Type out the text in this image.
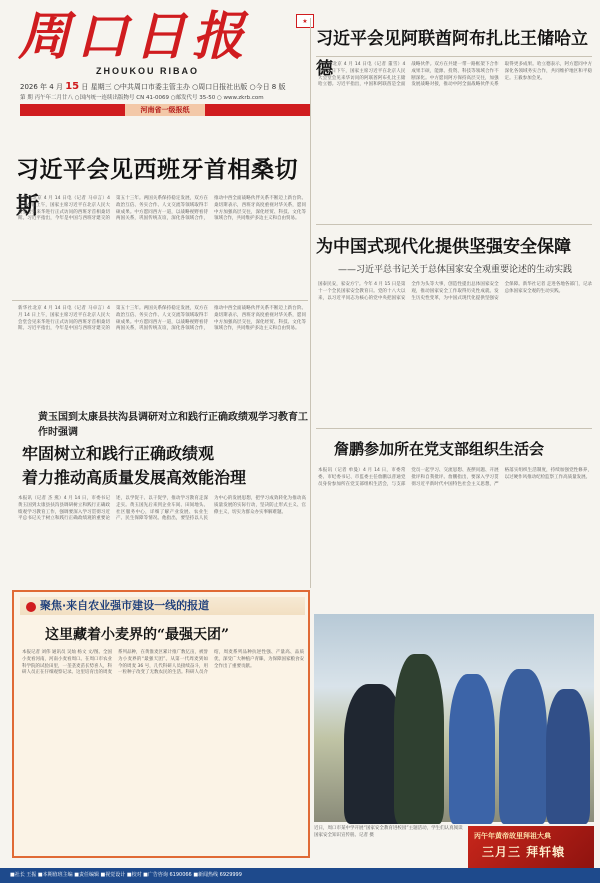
周口日报
ZHOUKOU RIBAO
2026 年 4 月 15 日 星期三 ○中共周口市委主管主办 ○周口日报社出版 ○今日 8 版
第 期 丙午年二月廿八 ○国内统一连续出版物号 CN 41-0069 ○邮发代号 35-50 ○ www.zkrb.com
河南省一级报纸
习近平会见西班牙首相桑切斯
新华社北京 4 月 14 日电（记者 马卓言）4 月 14 日上午，国家主席习近平在北京人民大会堂会见来华进行正式访问的西班牙首相桑切斯。习近平指出，今年是中国与西班牙建交的第五十三年。两国关系保持稳定发展，双方在政治互信、务实合作、人文交流等领域取得丰硕成果。中方愿同西方一道，以战略视野看待两国关系，巩固传统友谊，深化各领域合作，推动中西全面战略伙伴关系不断迈上新台阶。桑切斯表示，西班牙高度重视对华关系，愿同中方加强高层交往，深化经贸、科技、文化等领域合作，共同维护多边主义和自由贸易。
★
习近平会见阿联酋阿布扎比王储哈立德
新华社北京 4 月 14 日电（记者 董雪）4 月 14 日下午，国家主席习近平在北京人民大会堂会见来华访问的阿联酋阿布扎比王储哈立德。习近平指出，中国和阿联酋是全面战略伙伴。双方在共建一带一路框架下合作成果丰硕，能源、投资、科技等领域合作不断深化。中方愿同阿方保持高层交往，加强发展战略对接，推动中阿全面战略伙伴关系取得更多成果。哈立德表示，阿方愿同中方深化各领域务实合作，共同维护地区和平稳定。王毅参加会见。
为中国式现代化提供坚强安全保障
——习近平总书记关于总体国家安全观重要论述的生动实践
国泰民安，家安方宁。今年 4 月 15 日是第十一个全民国家安全教育日。党的十八大以来，以习近平同志为核心的党中央把国家安全作为头等大事，创造性提出总体国家安全观，推动国家安全工作取得历史性成就、发生历史性变革，为中国式现代化提供坚强安全保障。新华社记者 走进各地各部门，记录总体国家安全观的生动实践。
詹鹏参加所在党支部组织生活会
本报讯（记者 单曼）4 月 14 日，市委常委、市纪委书记、市监委主任詹鹏以普通党员身份参加所在党支部组织生活会，与支部党员一起学习、交流思想、查摆问题、开展批评和自我批评。詹鹏指出，要深入学习贯彻习近平新时代中国特色社会主义思想，严格落实组织生活制度，持续加强党性修养，以过硬作风推动纪检监察工作高质量发展。
新华社北京 4 月 14 日电（记者 马卓言）4 月 14 日上午，国家主席习近平在北京人民大会堂会见来华进行正式访问的西班牙首相桑切斯。习近平指出，今年是中国与西班牙建交的第五十三年。两国关系保持稳定发展，双方在政治互信、务实合作、人文交流等领域取得丰硕成果。中方愿同西方一道，以战略视野看待两国关系，巩固传统友谊，深化各领域合作，推动中西全面战略伙伴关系不断迈上新台阶。桑切斯表示，西班牙高度重视对华关系，愿同中方加强高层交往，深化经贸、科技、文化等领域合作，共同维护多边主义和自由贸易。
黄玉国到太康县扶沟县调研对立和践行正确政绩观学习教育工作时强调
牢固树立和践行正确政绩观
着力推动高质量发展高效能治理
本报讯（记者 杰 燕）4 月 14 日，市委书记黄玉国到太康县扶沟县调研树立和践行正确政绩观学习教育工作，强调要深入学习贯彻习近平总书记关于树立和践行正确政绩观的重要论述，以学促干、以干促学，推动学习教育走深走实。黄玉国先后来到企业车间、田间地头、社区服务中心，详细了解产业发展、农业生产、民生保障等情况。他指出，要坚持以人民为中心的发展思想，把学习成效转化为推动高质量发展的实际行动，坚决防止形式主义、官僚主义，切实为群众办实事解难题。
聚焦·来自农业强市建设一线的报道
这里藏着小麦界的“最强天团”
本报记者 刘伟 通讯员 吴灿 杨文 文/图。全国小麦看河南，河南小麦看周口。在周口市农业科学院的试验田里，一垄垄麦苗长势喜人，科研人员正在仔细观察记录。这里培育出的周麦系列品种，在黄淮麦区累计推广数亿亩，被誉为小麦界的“最强天团”。从第一代周麦到如今的周麦 36 号，几代科研人员接续奋斗，用一粒种子改变了无数农民的生活。科研人员介绍，周麦系列品种抗逆性强、产量高、品质优，深受广大种植户青睐，为保障国家粮食安全作出了重要贡献。
近日，周口市某中学开展“国家安全教育进校园”主题活动，学生们认真阅读国家安全知识宣传册。记者 摄	丙午年黄帝故里拜祖大典
三月三 拜轩辕
■社长 王振 ■本期值班主编 ■责任编辑 ■视觉设计 ■校对 ■广告咨询 6190066 ■新闻热线 6929999
